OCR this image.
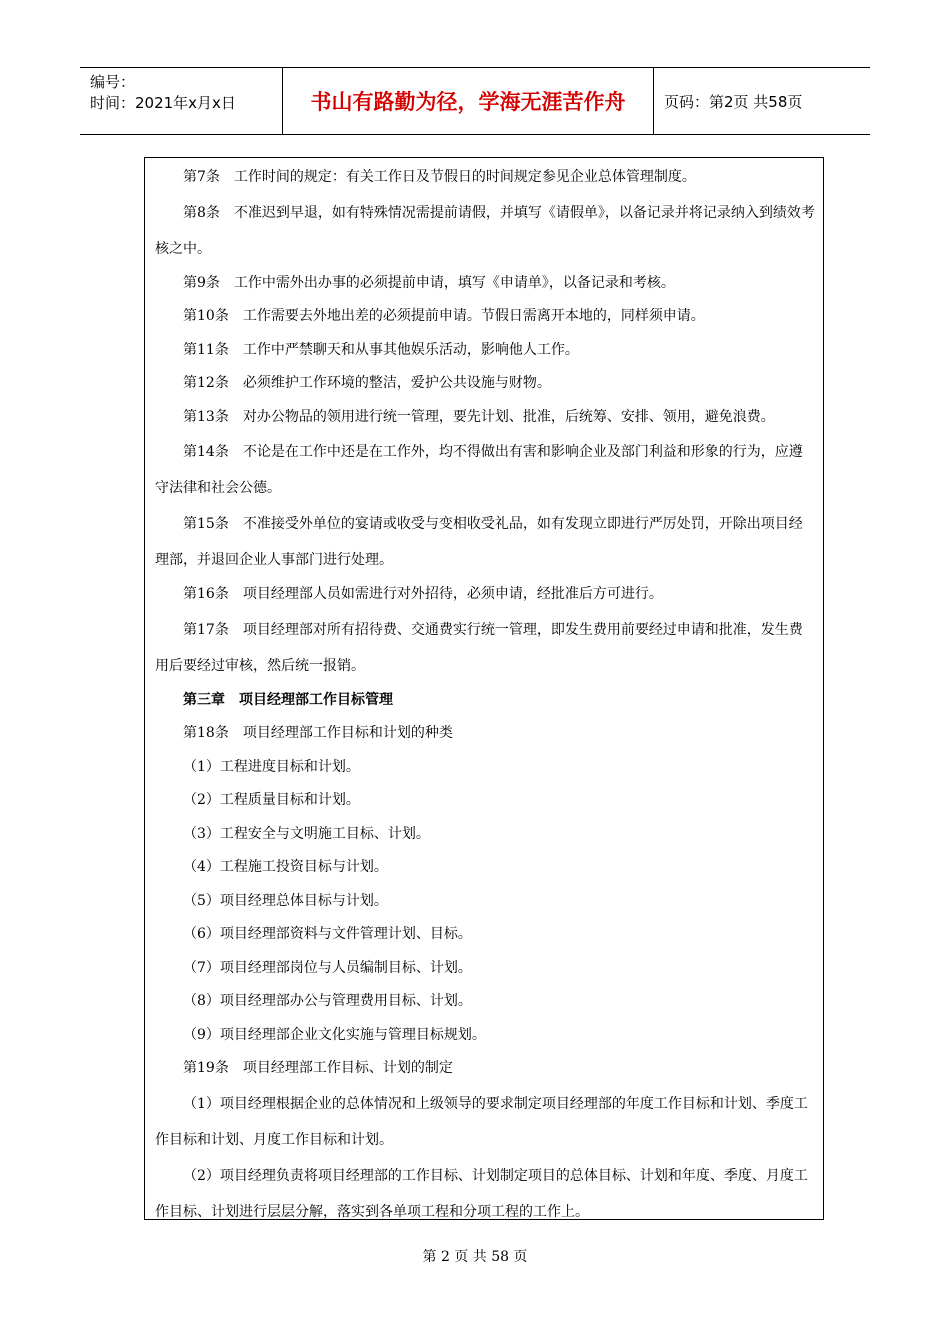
编号：
时间：2021年x月x日	书山有路勤为径，学海无涯苦作舟	页码：第2页 共58页

第7条　工作时间的规定：有关工作日及节假日的时间规定参见企业总体管理制度。

第8条　不准迟到早退，如有特殊情况需提前请假，并填写《请假单》，以备记录并将记录纳入到绩效考核之中。

第9条　工作中需外出办事的必须提前申请，填写《申请单》，以备记录和考核。

第10条　工作需要去外地出差的必须提前申请。节假日需离开本地的，同样须申请。

第11条　工作中严禁聊天和从事其他娱乐活动，影响他人工作。

第12条　必须维护工作环境的整洁，爱护公共设施与财物。

第13条　对办公物品的领用进行统一管理，要先计划、批准，后统筹、安排、领用，避免浪费。

第14条　不论是在工作中还是在工作外，均不得做出有害和影响企业及部门利益和形象的行为，应遵守法律和社会公德。

第15条　不准接受外单位的宴请或收受与变相收受礼品，如有发现立即进行严厉处罚，开除出项目经理部，并退回企业人事部门进行处理。

第16条　项目经理部人员如需进行对外招待，必须申请，经批准后方可进行。

第17条　项目经理部对所有招待费、交通费实行统一管理，即发生费用前要经过申请和批准，发生费用后要经过审核，然后统一报销。

第三章　项目经理部工作目标管理

第18条　项目经理部工作目标和计划的种类

（1）工程进度目标和计划。

（2）工程质量目标和计划。

（3）工程安全与文明施工目标、计划。

（4）工程施工投资目标与计划。

（5）项目经理总体目标与计划。

（6）项目经理部资料与文件管理计划、目标。

（7）项目经理部岗位与人员编制目标、计划。

（8）项目经理部办公与管理费用目标、计划。

（9）项目经理部企业文化实施与管理目标规划。

第19条　项目经理部工作目标、计划的制定

（1）项目经理根据企业的总体情况和上级领导的要求制定项目经理部的年度工作目标和计划、季度工作目标和计划、月度工作目标和计划。

（2）项目经理负责将项目经理部的工作目标、计划制定项目的总体目标、计划和年度、季度、月度工作目标、计划进行层层分解，落实到各单项工程和分项工程的工作上。

第 2 页 共 58 页
